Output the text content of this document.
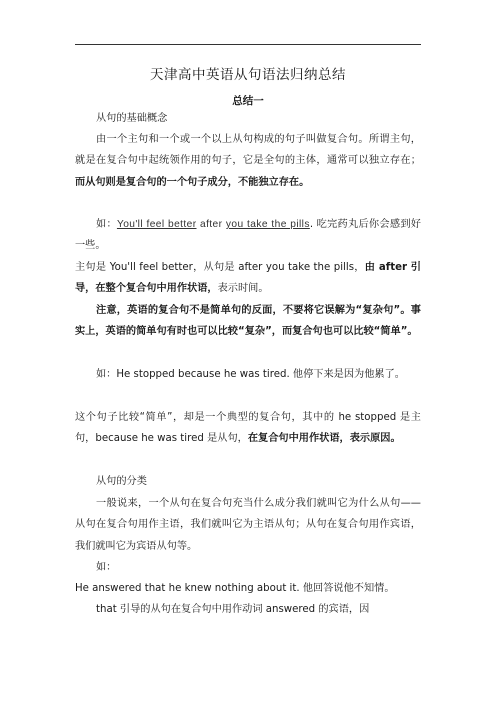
天津高中英语从句语法归纳总结
总结一

从句的基础概念

由一个主句和一个或一个以上从句构成的句子叫做复合句。所谓主句，就是在复合句中起统领作用的句子，它是全句的主体，通常可以独立存在；而从句则是复合句的一个句子成分，不能独立存在。

如：You'll feel better after you take the pills. 吃完药丸后你会感到好一些。

主句是 You'll feel better，从句是 after you take the pills，由 after 引导，在整个复合句中用作状语，表示时间。

注意，英语的复合句不是简单句的反面，不要将它误解为“复杂句”。事实上，英语的简单句有时也可以比较“复杂”，而复合句也可以比较“简单”。

如：He stopped because he was tired. 他停下来是因为他累了。

这个句子比较“简单”，却是一个典型的复合句，其中的 he stopped 是主句，because he was tired 是从句，在复合句中用作状语，表示原因。

从句的分类

一般说来，一个从句在复合句充当什么成分我们就叫它为什么从句——从句在复合句用作主语，我们就叫它为主语从句；从句在复合句用作宾语，我们就叫它为宾语从句等。

如：

He answered that he knew nothing about it. 他回答说他不知情。

that 引导的从句在复合句中用作动词 answered 的宾语，因
